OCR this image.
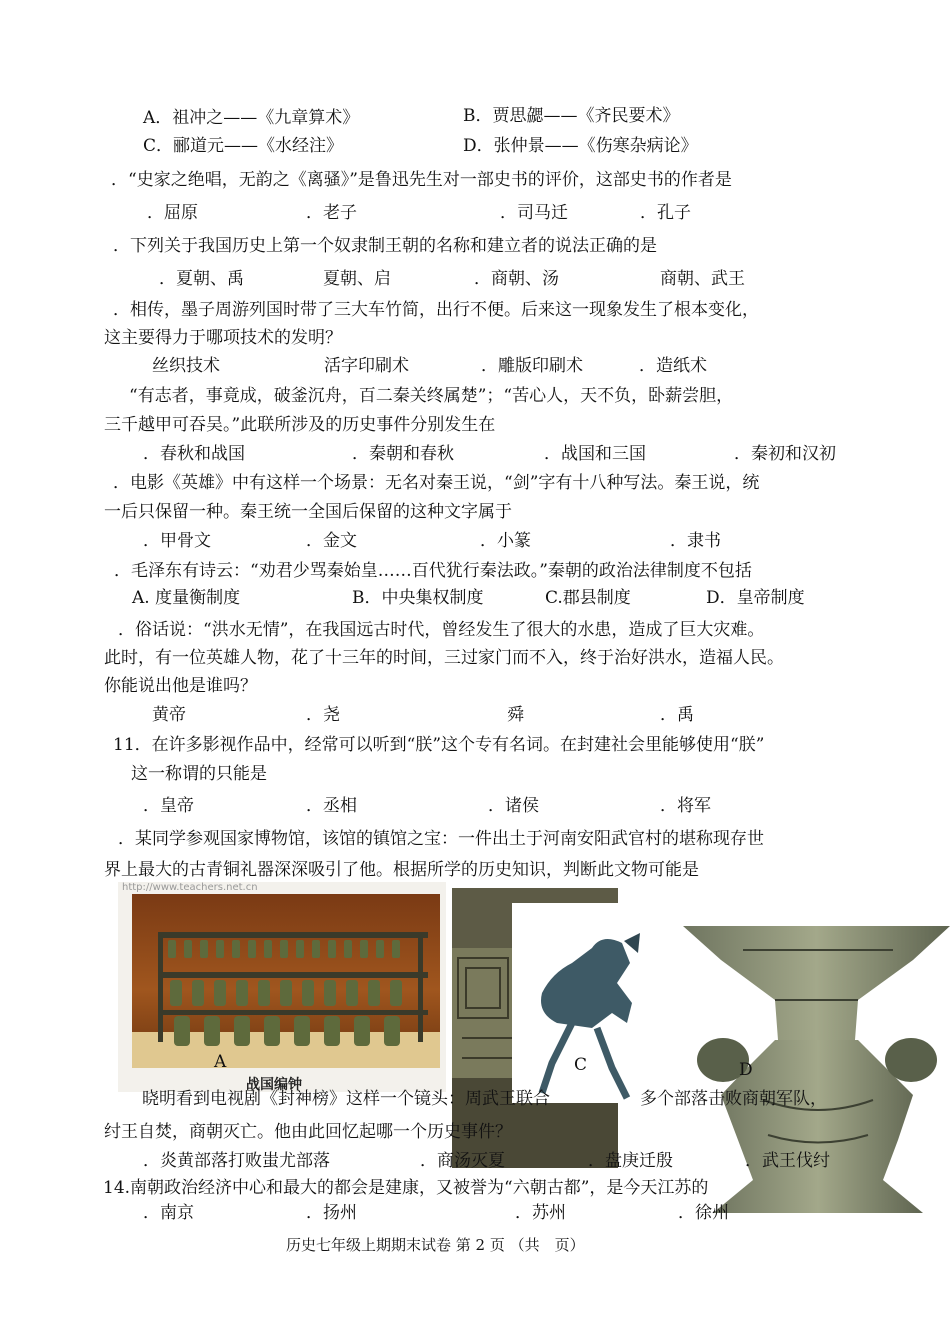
A．祖冲之——《九章算术》	B．贾思勰——《齐民要术》
C．郦道元——《水经注》	D．张仲景——《伤寒杂病论》
．“史家之绝唱，无韵之《离骚》”是鲁迅先生对一部史书的评价，这部史书的作者是
．屈原	．老子	．司马迁	．孔子
．下列关于我国历史上第一个奴隶制王朝的名称和建立者的说法正确的是
．夏朝、禹	夏朝、启	．商朝、汤	商朝、武王
．相传，墨子周游列国时带了三大车竹简，出行不便。后来这一现象发生了根本变化，
这主要得力于哪项技术的发明？
丝织技术	活字印刷术	．雕版印刷术	．造纸术
“有志者，事竟成，破釜沉舟，百二秦关终属楚”；“苦心人，天不负，卧薪尝胆，
三千越甲可吞吴。”此联所涉及的历史事件分别发生在
．春秋和战国	．秦朝和春秋	．战国和三国	．秦初和汉初
．电影《英雄》中有这样一个场景：无名对秦王说，“剑”字有十八种写法。秦王说，统
一后只保留一种。秦王统一全国后保留的这种文字属于
．甲骨文	．金文	．小篆	．隶书
．毛泽东有诗云：“劝君少骂秦始皇……百代犹行秦法政。”秦朝的政治法律制度不包括
A. 度量衡制度	B．中央集权制度	C.郡县制度	D．皇帝制度
．俗话说：“洪水无情”，在我国远古时代，曾经发生了很大的水患，造成了巨大灾难。
此时，有一位英雄人物，花了十三年的时间，三过家门而不入，终于治好洪水，造福人民。
你能说出他是谁吗？
黄帝	．尧	舜	．禹
11．在许多影视作品中，经常可以听到“朕”这个专有名词。在封建社会里能够使用“朕”
这一称谓的只能是
．皇帝	．丞相	．诸侯	．将军
．某同学参观国家博物馆，该馆的镇馆之宝：一件出土于河南安阳武官村的堪称现存世
界上最大的古青铜礼器深深吸引了他。根据所学的历史知识，判断此文物可能是
http://www.teachers.net.cn
A
战国编钟
C	D
晓明看到电视剧《封神榜》这样一个镜头：周武王联合	多个部落击败商朝军队，
纣王自焚，商朝灭亡。他由此回忆起哪一个历史事件？
．炎黄部落打败蚩尤部落	．商汤灭夏	．盘庚迁殷	．武王伐纣
14.南朝政治经济中心和最大的都会是建康，又被誉为“六朝古都”，是今天江苏的
．南京	．扬州	．苏州	．徐州
历史七年级上期期末试卷 第 2 页 （共　页）
